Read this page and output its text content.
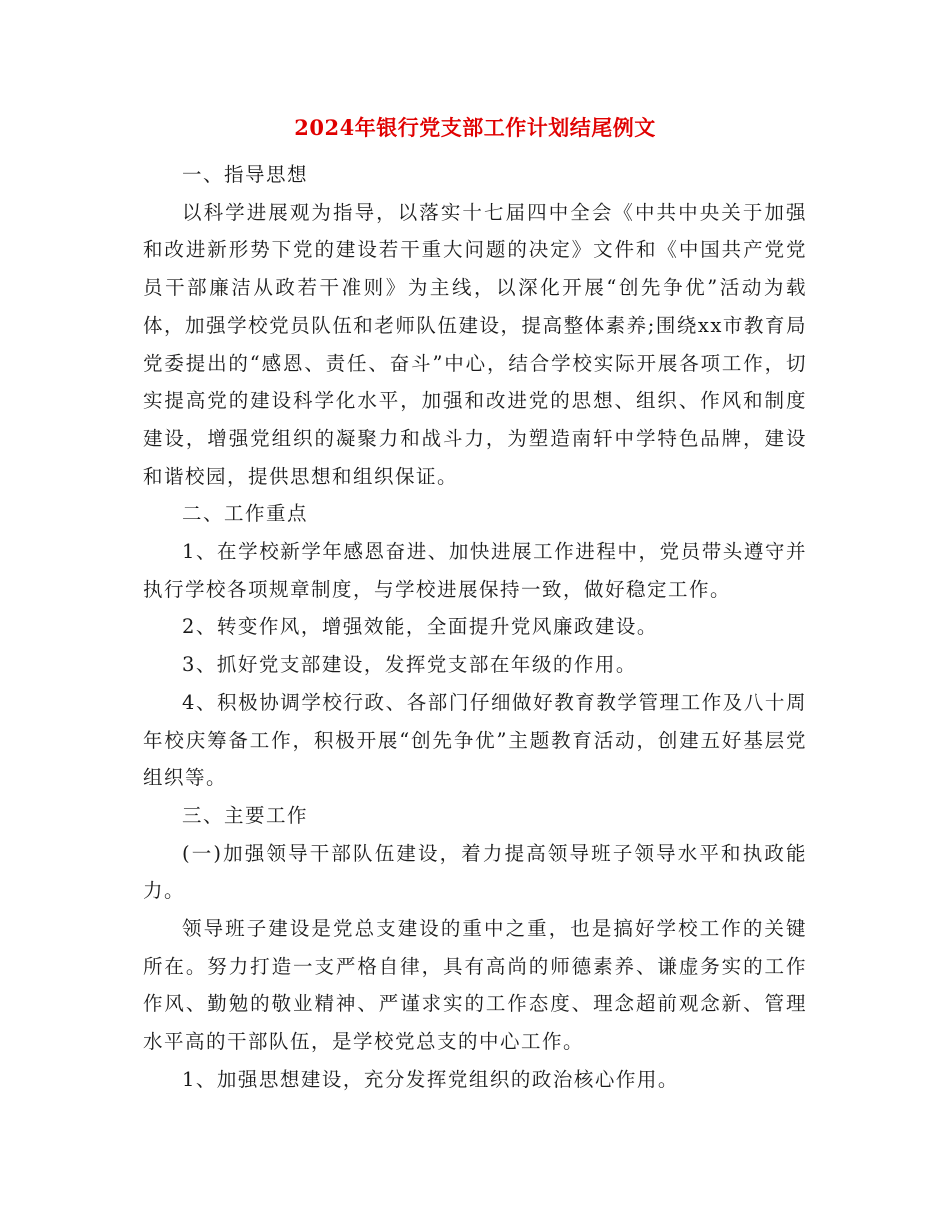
2024年银行党支部工作计划结尾例文

一、指导思想

以科学进展观为指导，以落实十七届四中全会《中共中央关于加强和改进新形势下党的建设若干重大问题的决定》文件和《中国共产党党员干部廉洁从政若干准则》为主线，以深化开展“创先争优”活动为载体，加强学校党员队伍和老师队伍建设，提高整体素养;围绕xx市教育局党委提出的“感恩、责任、奋斗”中心，结合学校实际开展各项工作，切实提高党的建设科学化水平，加强和改进党的思想、组织、作风和制度建设，增强党组织的凝聚力和战斗力，为塑造南轩中学特色品牌，建设和谐校园，提供思想和组织保证。

二、工作重点

1、在学校新学年感恩奋进、加快进展工作进程中，党员带头遵守并执行学校各项规章制度，与学校进展保持一致，做好稳定工作。

2、转变作风，增强效能，全面提升党风廉政建设。

3、抓好党支部建设，发挥党支部在年级的作用。

4、积极协调学校行政、各部门仔细做好教育教学管理工作及八十周年校庆筹备工作，积极开展“创先争优”主题教育活动，创建五好基层党组织等。

三、主要工作

(一)加强领导干部队伍建设，着力提高领导班子领导水平和执政能力。

领导班子建设是党总支建设的重中之重，也是搞好学校工作的关键所在。努力打造一支严格自律，具有高尚的师德素养、谦虚务实的工作作风、勤勉的敬业精神、严谨求实的工作态度、理念超前观念新、管理水平高的干部队伍，是学校党总支的中心工作。

1、加强思想建设，充分发挥党组织的政治核心作用。
